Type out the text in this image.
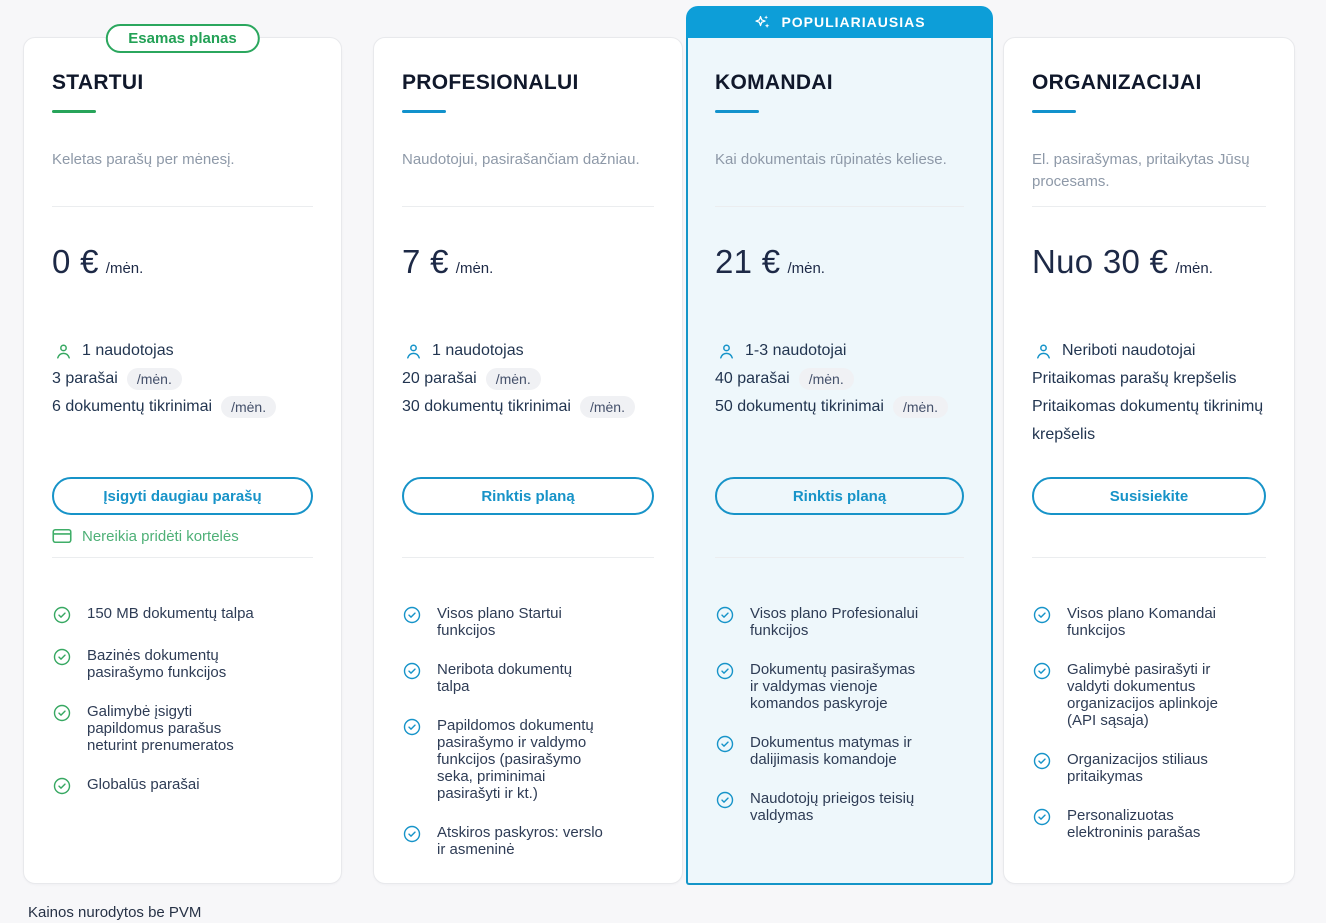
Esamas planas
STARTUI
Keletas parašų per mėnesį.
0 € /mėn.
1 naudotojas
3 parašai	/mėn.
6 dokumentų tikrinimai	/mėn.
Įsigyti daugiau parašų
Nereikia pridėti kortelės
150 MB dokumentų talpa
Bazinės dokumentų pasirašymo funkcijos
Galimybė įsigyti papildomus parašus neturint prenumeratos
Globalūs parašai
PROFESIONALUI
Naudotojui, pasirašančiam dažniau.
7 € /mėn.
1 naudotojas
20 parašai	/mėn.
30 dokumentų tikrinimai	/mėn.
Rinktis planą
Visos plano Startui funkcijos
Neribota dokumentų talpa
Papildomos dokumentų pasirašymo ir valdymo funkcijos (pasirašymo seka, priminimai pasirašyti ir kt.)
Atskiros paskyros: verslo ir asmeninė
POPULIARIAUSIAS
KOMANDAI
Kai dokumentais rūpinatės keliese.
21 € /mėn.
1-3 naudotojai
40 parašai	/mėn.
50 dokumentų tikrinimai	/mėn.
Rinktis planą
Visos plano Profesionalui funkcijos
Dokumentų pasirašymas ir valdymas vienoje komandos paskyroje
Dokumentus matymas ir dalijimasis komandoje
Naudotojų prieigos teisių valdymas
ORGANIZACIJAI
El. pasirašymas, pritaikytas Jūsų procesams.
Nuo 30 € /mėn.
Neriboti naudotojai
Pritaikomas parašų krepšelis
Pritaikomas dokumentų tikrinimų krepšelis
Susisiekite
Visos plano Komandai funkcijos
Galimybė pasirašyti ir valdyti dokumentus organizacijos aplinkoje (API sąsaja)
Organizacijos stiliaus pritaikymas
Personalizuotas elektroninis parašas
Kainos nurodytos be PVM
